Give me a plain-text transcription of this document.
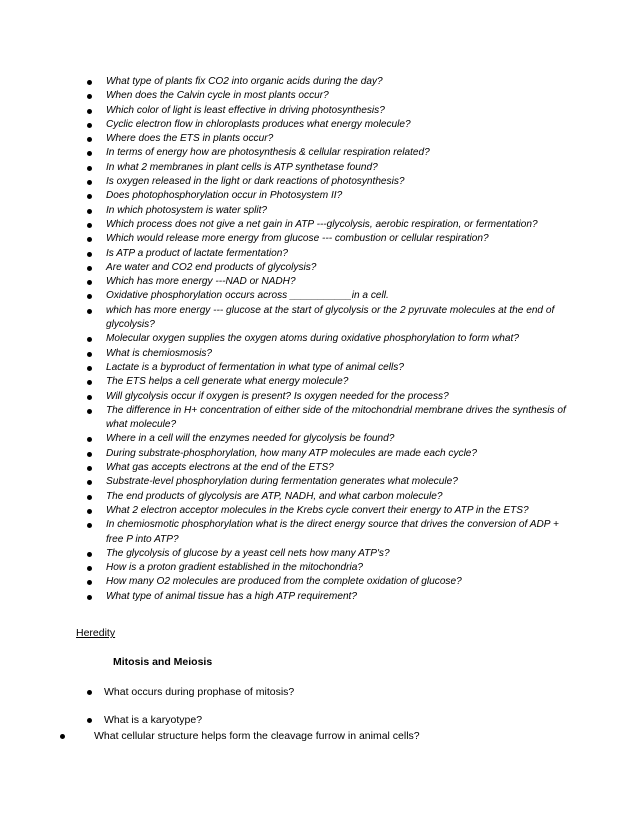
What type of plants fix CO2 into organic acids during the day?
When does the Calvin cycle in most plants occur?
Which color of light is least effective in driving photosynthesis?
Cyclic electron flow in chloroplasts produces what energy molecule?
Where does the ETS in plants occur?
In terms of energy how are photosynthesis & cellular respiration related?
In what 2 membranes in plant cells is ATP synthetase found?
Is oxygen released in the light or dark reactions of photosynthesis?
Does photophosphorylation occur in Photosystem II?
In which photosystem is water split?
Which process does not give a net gain in ATP ---glycolysis, aerobic respiration, or fermentation?
Which would release more energy from glucose --- combustion or cellular respiration?
Is ATP a product of lactate fermentation?
Are water and CO2 end products of glycolysis?
Which has more energy ---NAD or NADH?
Oxidative phosphorylation occurs across ___________in a cell.
which has more energy --- glucose at the start of glycolysis or the 2 pyruvate molecules at the end of glycolysis?
Molecular oxygen supplies the oxygen atoms during oxidative phosphorylation to form what?
What is chemiosmosis?
Lactate is a byproduct of fermentation in what type of animal cells?
The ETS helps a cell generate what energy molecule?
Will glycolysis occur if oxygen is present? Is oxygen needed for the process?
The difference in H+ concentration of either side of the mitochondrial membrane drives the synthesis of what molecule?
Where in a cell will the enzymes needed for glycolysis be found?
During substrate-phosphorylation, how many ATP molecules are made each cycle?
What gas accepts electrons at the end of the ETS?
Substrate-level phosphorylation during fermentation generates what molecule?
The end products of glycolysis are ATP, NADH, and what carbon molecule?
What 2 electron acceptor molecules in the Krebs cycle convert their energy to ATP in the ETS?
In chemiosmotic phosphorylation what is the direct energy source that drives the conversion of ADP + free P into ATP?
The glycolysis of glucose by a yeast cell nets how many ATP's?
How is a proton gradient established in the mitochondria?
How many O2 molecules are produced from the complete oxidation of glucose?
What type of animal tissue has a high ATP requirement?
Heredity
Mitosis and Meiosis
What occurs during prophase of mitosis?
What is a karyotype?
What cellular structure helps form the cleavage furrow in animal cells?
